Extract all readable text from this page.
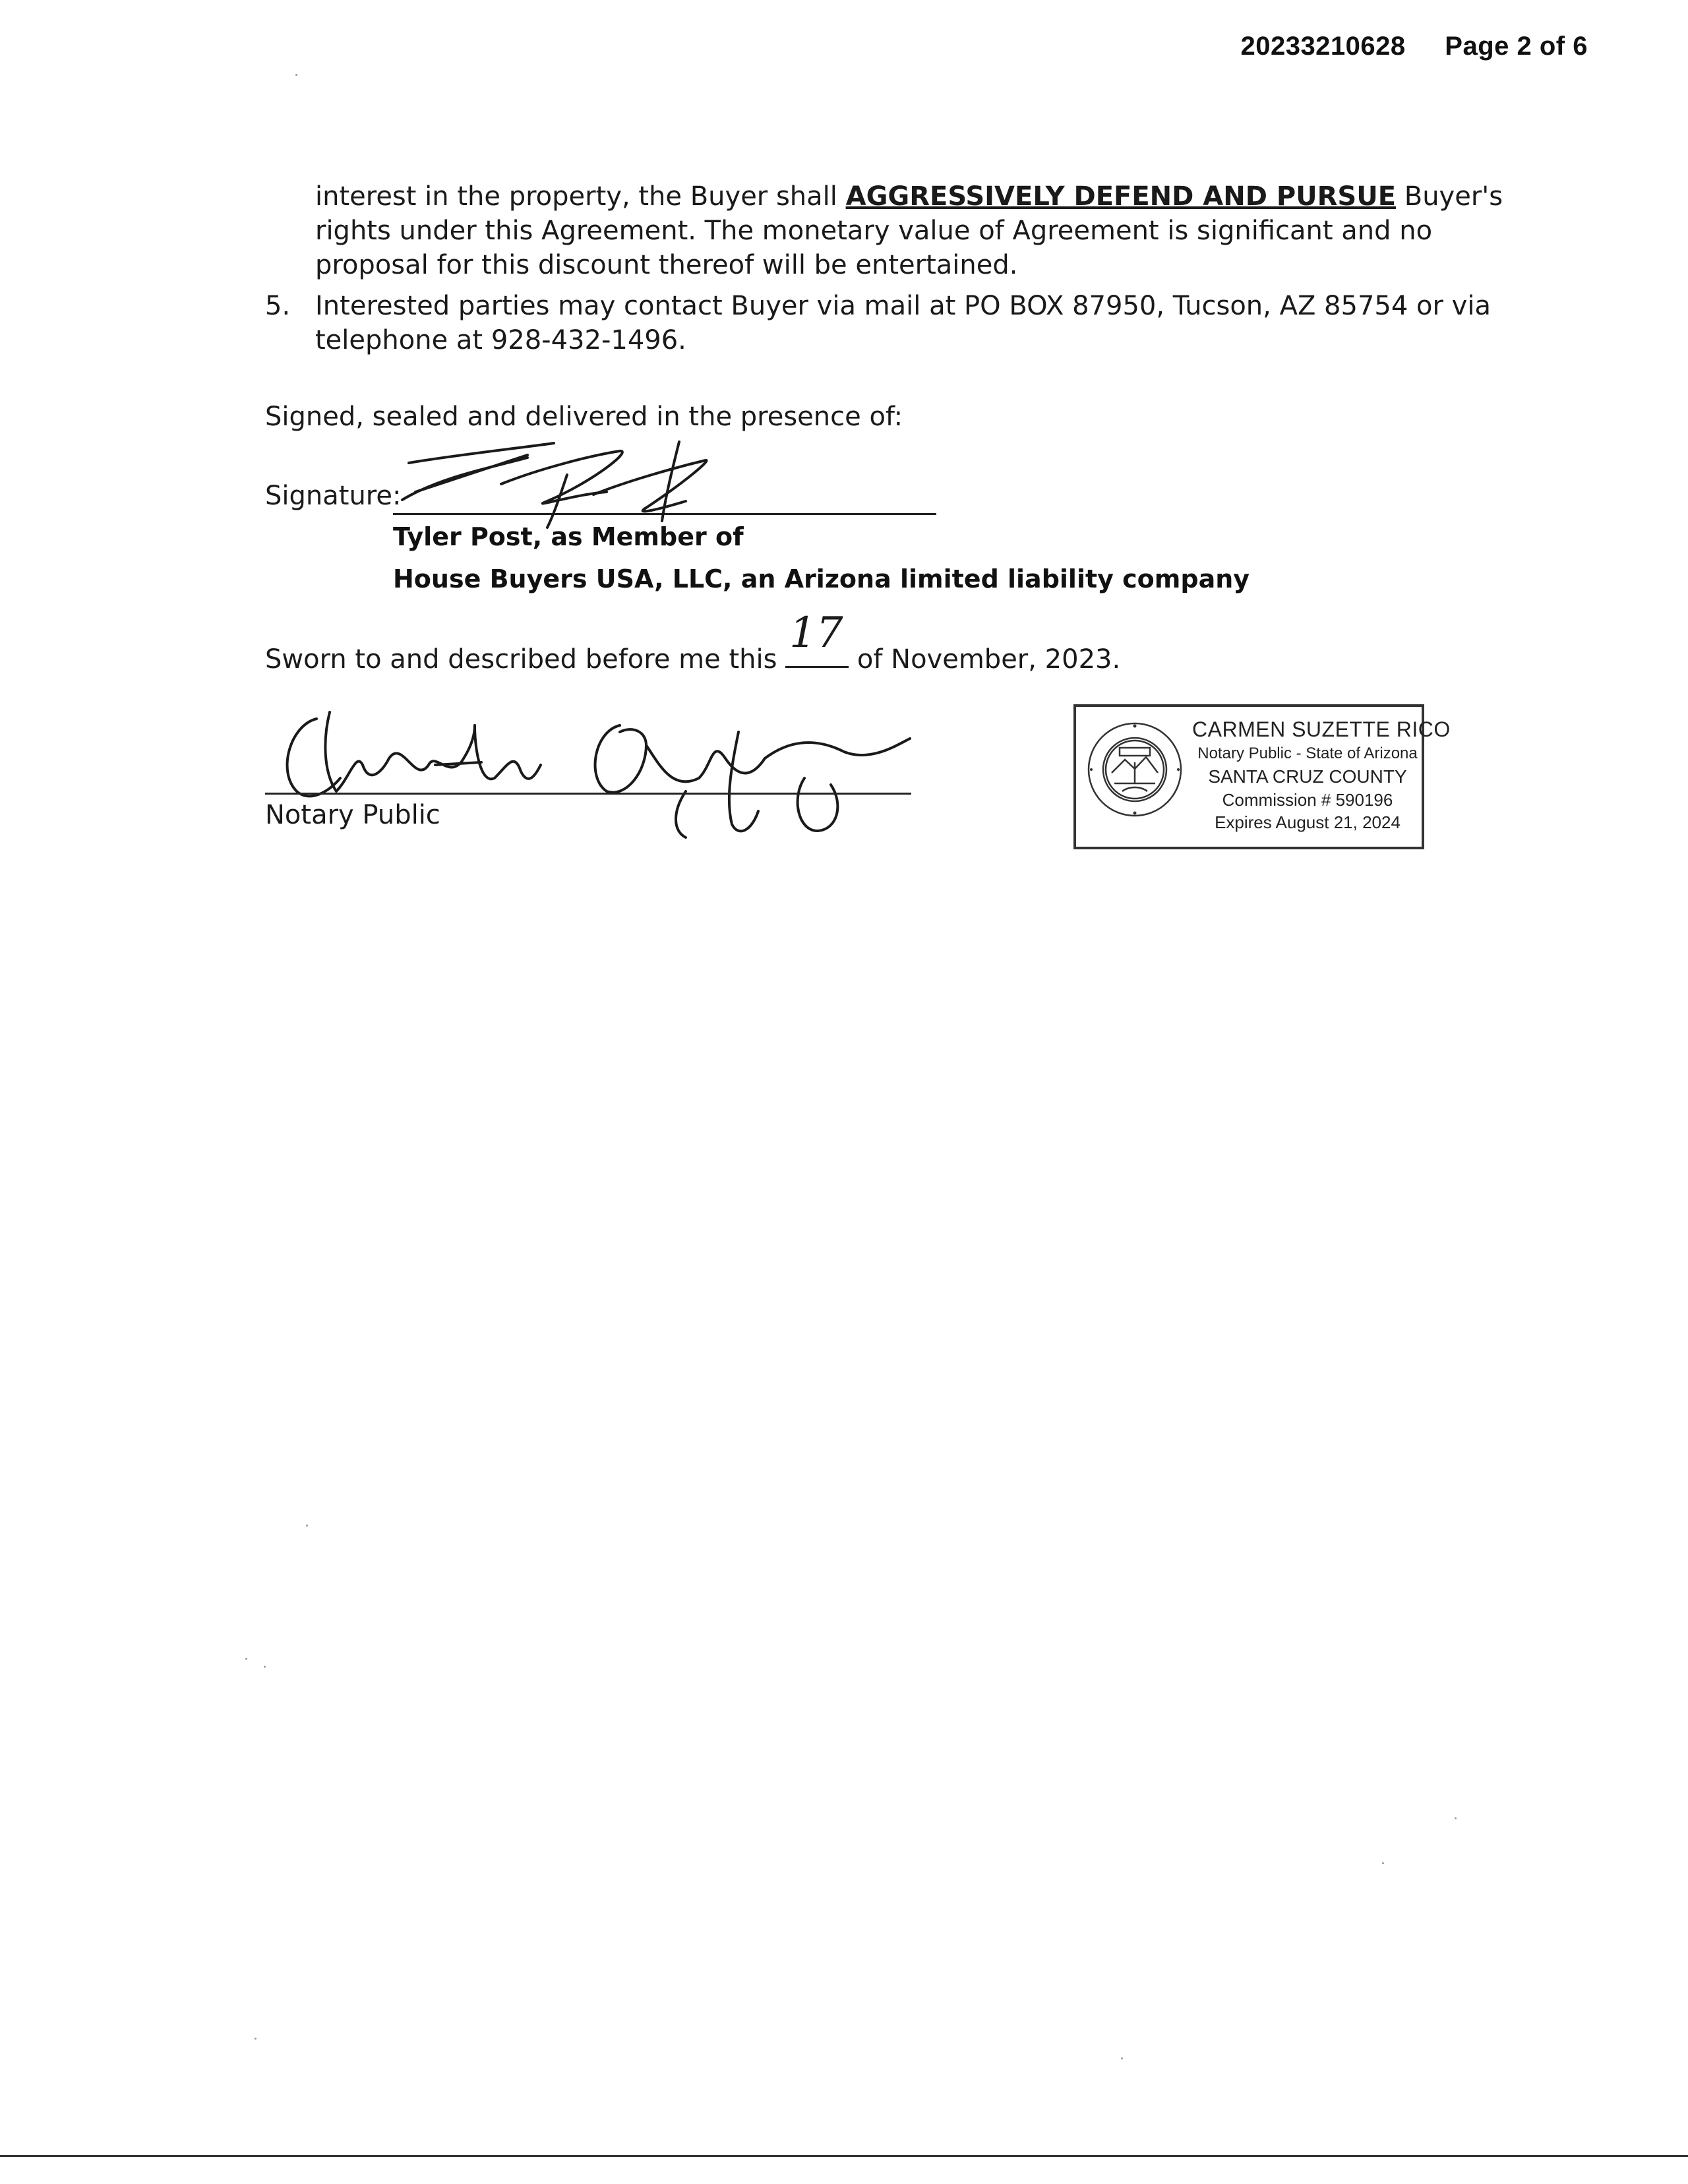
20233210628 Page 2 of 6
interest in the property, the Buyer shall AGGRESSIVELY DEFEND AND PURSUE Buyer's rights under this Agreement. The monetary value of Agreement is significant and no proposal for this discount thereof will be entertained.
5. Interested parties may contact Buyer via mail at PO BOX 87950, Tucson, AZ 85754 or via telephone at 928-432-1496.
Signed, sealed and delivered in the presence of:
Signature:
Tyler Post, as Member of
House Buyers USA, LLC, an Arizona limited liability company
Sworn to and described before me this
17
of November, 2023.
Notary Public
CARMEN SUZETTE RICO
Notary Public - State of Arizona
SANTA CRUZ COUNTY
Commission # 590196
Expires August 21, 2024
